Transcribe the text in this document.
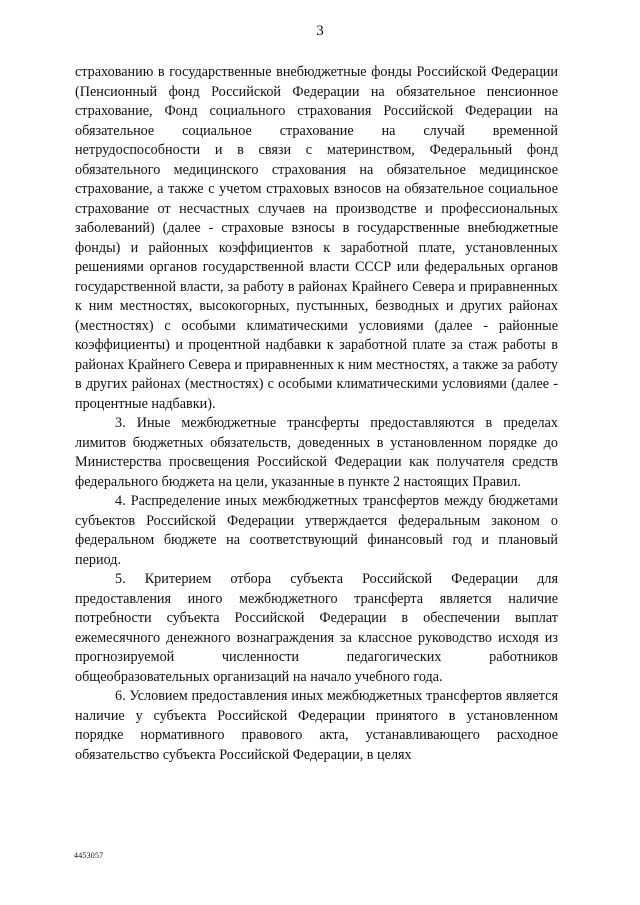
3

страхованию в государственные внебюджетные фонды Российской Федерации (Пенсионный фонд Российской Федерации на обязательное пенсионное страхование, Фонд социального страхования Российской Федерации на обязательное социальное страхование на случай временной нетрудоспособности и в связи с материнством, Федеральный фонд обязательного медицинского страхования на обязательное медицинское страхование, а также с учетом страховых взносов на обязательное социальное страхование от несчастных случаев на производстве и профессиональных заболеваний) (далее - страховые взносы в государственные внебюджетные фонды) и районных коэффициентов к заработной плате, установленных решениями органов государственной власти СССР или федеральных органов государственной власти, за работу в районах Крайнего Севера и приравненных к ним местностях, высокогорных, пустынных, безводных и других районах (местностях) с особыми климатическими условиями (далее - районные коэффициенты) и процентной надбавки к заработной плате за стаж работы в районах Крайнего Севера и приравненных к ним местностях, а также за работу в других районах (местностях) с особыми климатическими условиями (далее - процентные надбавки).

3. Иные межбюджетные трансферты предоставляются в пределах лимитов бюджетных обязательств, доведенных в установленном порядке до Министерства просвещения Российской Федерации как получателя средств федерального бюджета на цели, указанные в пункте 2 настоящих Правил.

4. Распределение иных межбюджетных трансфертов между бюджетами субъектов Российской Федерации утверждается федеральным законом о федеральном бюджете на соответствующий финансовый год и плановый период.

5. Критерием отбора субъекта Российской Федерации для предоставления иного межбюджетного трансферта является наличие потребности субъекта Российской Федерации в обеспечении выплат ежемесячного денежного вознаграждения за классное руководство исходя из прогнозируемой численности педагогических работников общеобразовательных организаций на начало учебного года.

6. Условием предоставления иных межбюджетных трансфертов является наличие у субъекта Российской Федерации принятого в установленном порядке нормативного правового акта, устанавливающего расходное обязательство субъекта Российской Федерации, в целях

4453057
